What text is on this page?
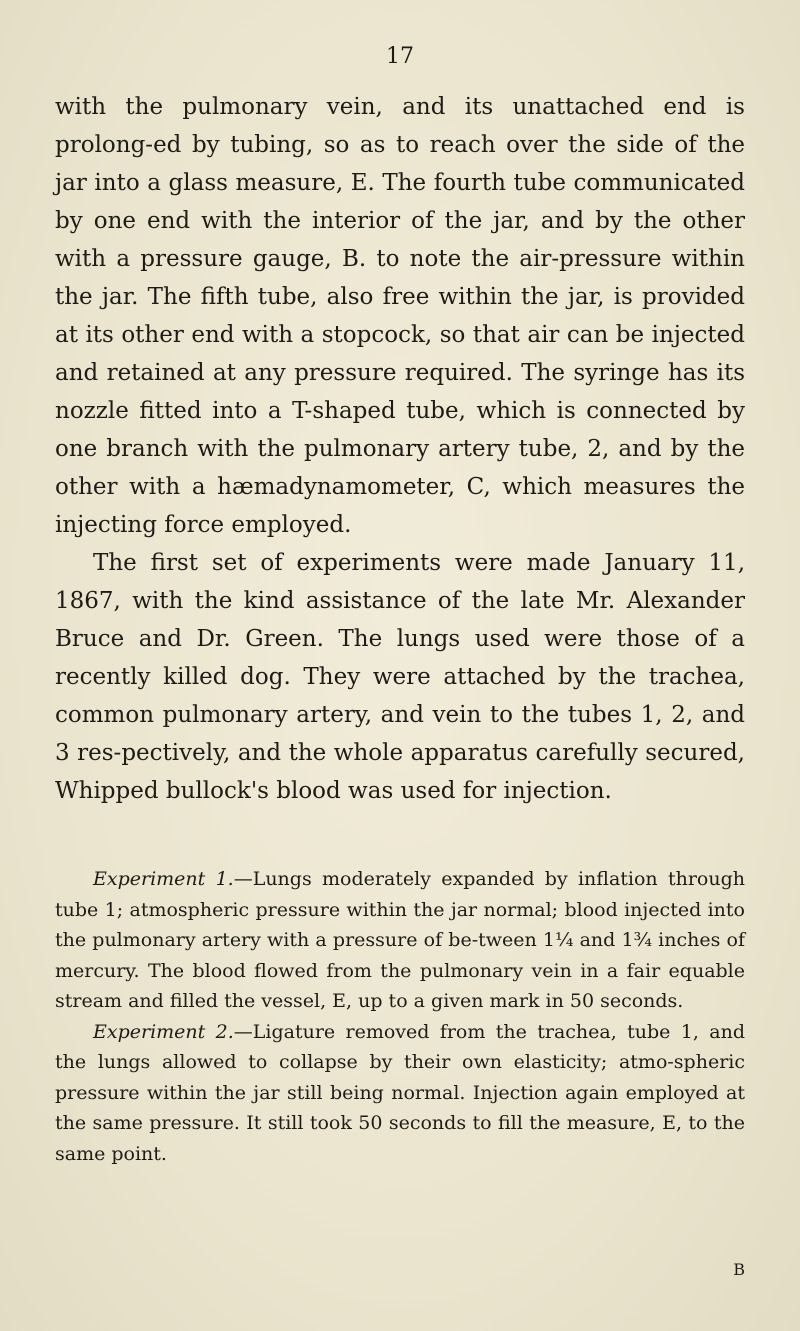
17

with the pulmonary vein, and its unattached end is prolong-ed by tubing, so as to reach over the side of the jar into a glass measure, E. The fourth tube communicated by one end with the interior of the jar, and by the other with a pressure gauge, B. to note the air-pressure within the jar. The fifth tube, also free within the jar, is provided at its other end with a stopcock, so that air can be injected and retained at any pressure required. The syringe has its nozzle fitted into a T-shaped tube, which is connected by one branch with the pulmonary artery tube, 2, and by the other with a hæmadynamometer, C, which measures the injecting force employed.

The first set of experiments were made January 11, 1867, with the kind assistance of the late Mr. Alexander Bruce and Dr. Green. The lungs used were those of a recently killed dog. They were attached by the trachea, common pulmonary artery, and vein to the tubes 1, 2, and 3 res-pectively, and the whole apparatus carefully secured, Whipped bullock's blood was used for injection.

Experiment 1.—Lungs moderately expanded by inflation through tube 1; atmospheric pressure within the jar normal; blood injected into the pulmonary artery with a pressure of be-tween 1¼ and 1¾ inches of mercury. The blood flowed from the pulmonary vein in a fair equable stream and filled the vessel, E, up to a given mark in 50 seconds.

Experiment 2.—Ligature removed from the trachea, tube 1, and the lungs allowed to collapse by their own elasticity; atmo-spheric pressure within the jar still being normal. Injection again employed at the same pressure. It still took 50 seconds to fill the measure, E, to the same point.

B
